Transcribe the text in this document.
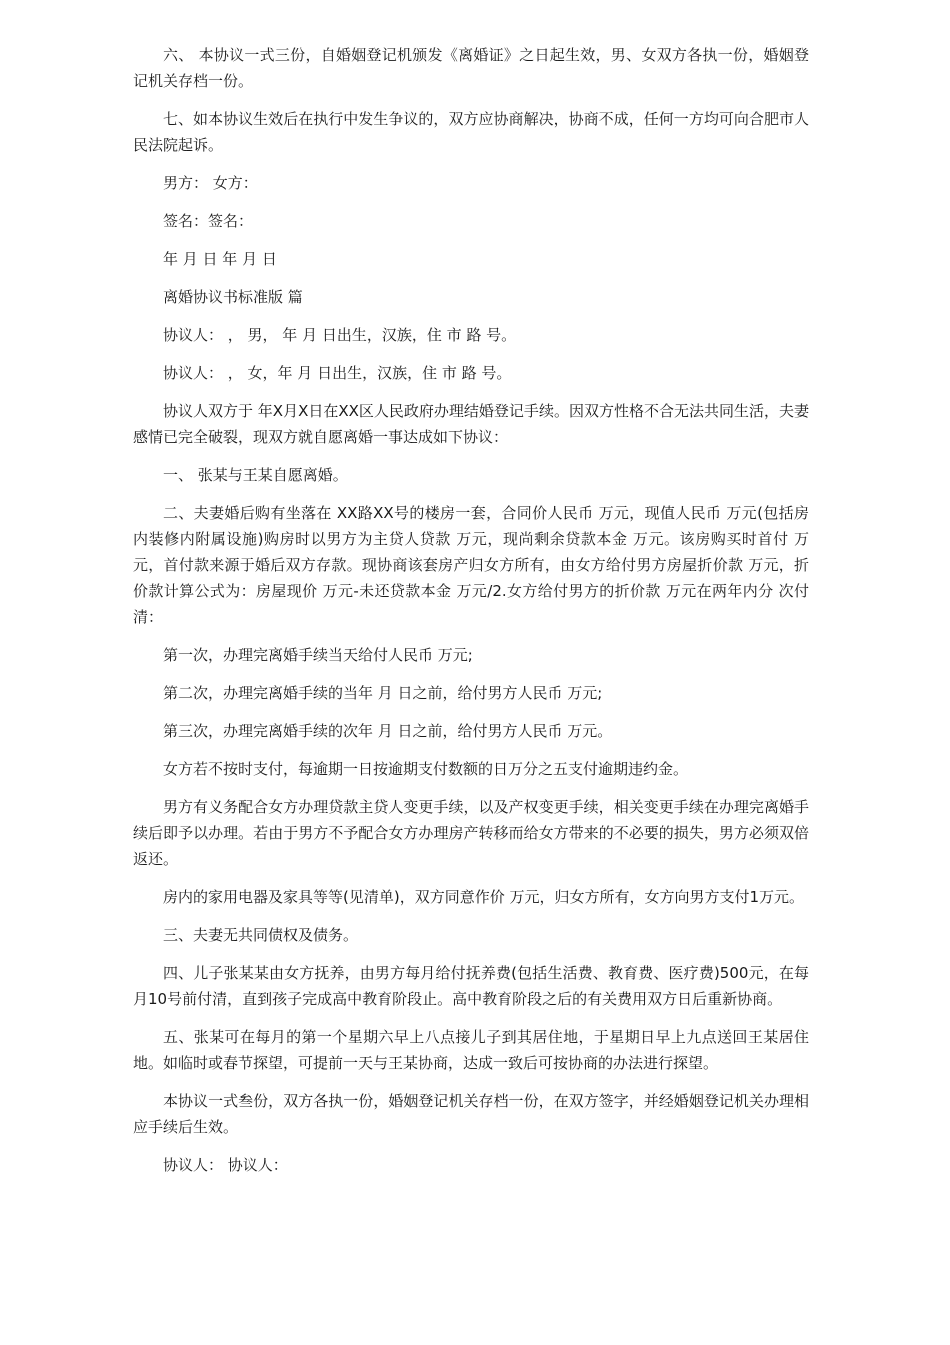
六、 本协议一式三份，自婚姻登记机颁发《离婚证》之日起生效，男、女双方各执一份，婚姻登记机关存档一份。

七、如本协议生效后在执行中发生争议的，双方应协商解决，协商不成，任何一方均可向合肥市人民法院起诉。

男方： 女方：

签名：签名：

年 月 日 年 月 日

离婚协议书标准版 篇

协议人： ， 男， 年 月 日出生，汉族，住 市 路 号。

协议人： ， 女，年 月 日出生，汉族，住 市 路 号。

协议人双方于 年X月X日在XX区人民政府办理结婚登记手续。因双方性格不合无法共同生活，夫妻感情已完全破裂，现双方就自愿离婚一事达成如下协议：

一、 张某与王某自愿离婚。

二、夫妻婚后购有坐落在 XX路XX号的楼房一套，合同价人民币 万元，现值人民币 万元(包括房内装修内附属设施)购房时以男方为主贷人贷款 万元，现尚剩余贷款本金 万元。该房购买时首付 万元，首付款来源于婚后双方存款。现协商该套房产归女方所有，由女方给付男方房屋折价款 万元，折价款计算公式为：房屋现价 万元-未还贷款本金 万元/2.女方给付男方的折价款 万元在两年内分 次付清：

第一次，办理完离婚手续当天给付人民币 万元;

第二次，办理完离婚手续的当年 月 日之前，给付男方人民币 万元;

第三次，办理完离婚手续的次年 月 日之前，给付男方人民币 万元。

女方若不按时支付，每逾期一日按逾期支付数额的日万分之五支付逾期违约金。

男方有义务配合女方办理贷款主贷人变更手续，以及产权变更手续，相关变更手续在办理完离婚手续后即予以办理。若由于男方不予配合女方办理房产转移而给女方带来的不必要的损失，男方必须双倍返还。

房内的家用电器及家具等等(见清单)，双方同意作价 万元，归女方所有，女方向男方支付1万元。

三、夫妻无共同债权及债务。

四、儿子张某某由女方抚养，由男方每月给付抚养费(包括生活费、教育费、医疗费)500元，在每月10号前付清，直到孩子完成高中教育阶段止。高中教育阶段之后的有关费用双方日后重新协商。

五、张某可在每月的第一个星期六早上八点接儿子到其居住地，于星期日早上九点送回王某居住地。如临时或春节探望，可提前一天与王某协商，达成一致后可按协商的办法进行探望。

本协议一式叁份，双方各执一份，婚姻登记机关存档一份，在双方签字，并经婚姻登记机关办理相应手续后生效。

协议人： 协议人：
